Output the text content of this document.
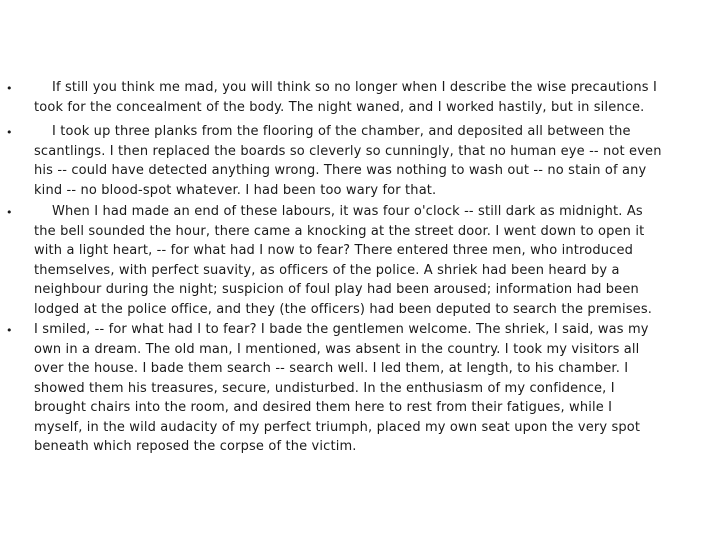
•	If still you think me mad, you will think so no longer when I describe the wise precautions I took for the concealment of the body. The night waned, and I worked hastily, but in silence.

•	I took up three planks from the flooring of the chamber, and deposited all between the scantlings. I then replaced the boards so cleverly so cunningly, that no human eye -- not even his -- could have detected anything wrong. There was nothing to wash out -- no stain of any kind -- no blood-spot whatever. I had been too wary for that.

•	When I had made an end of these labours, it was four o'clock -- still dark as midnight. As the bell sounded the hour, there came a knocking at the street door. I went down to open it with a light heart, -- for what had I now to fear? There entered three men, who introduced themselves, with perfect suavity, as officers of the police. A shriek had been heard by a neighbour during the night; suspicion of foul play had been aroused; information had been lodged at the police office, and they (the officers) had been deputed to search the premises.

• I smiled, -- for what had I to fear? I bade the gentlemen welcome. The shriek, I said, was my own in a dream. The old man, I mentioned, was absent in the country. I took my visitors all over the house. I bade them search -- search well. I led them, at length, to his chamber. I showed them his treasures, secure, undisturbed. In the enthusiasm of my confidence, I brought chairs into the room, and desired them here to rest from their fatigues, while I myself, in the wild audacity of my perfect triumph, placed my own seat upon the very spot beneath which reposed the corpse of the victim.
